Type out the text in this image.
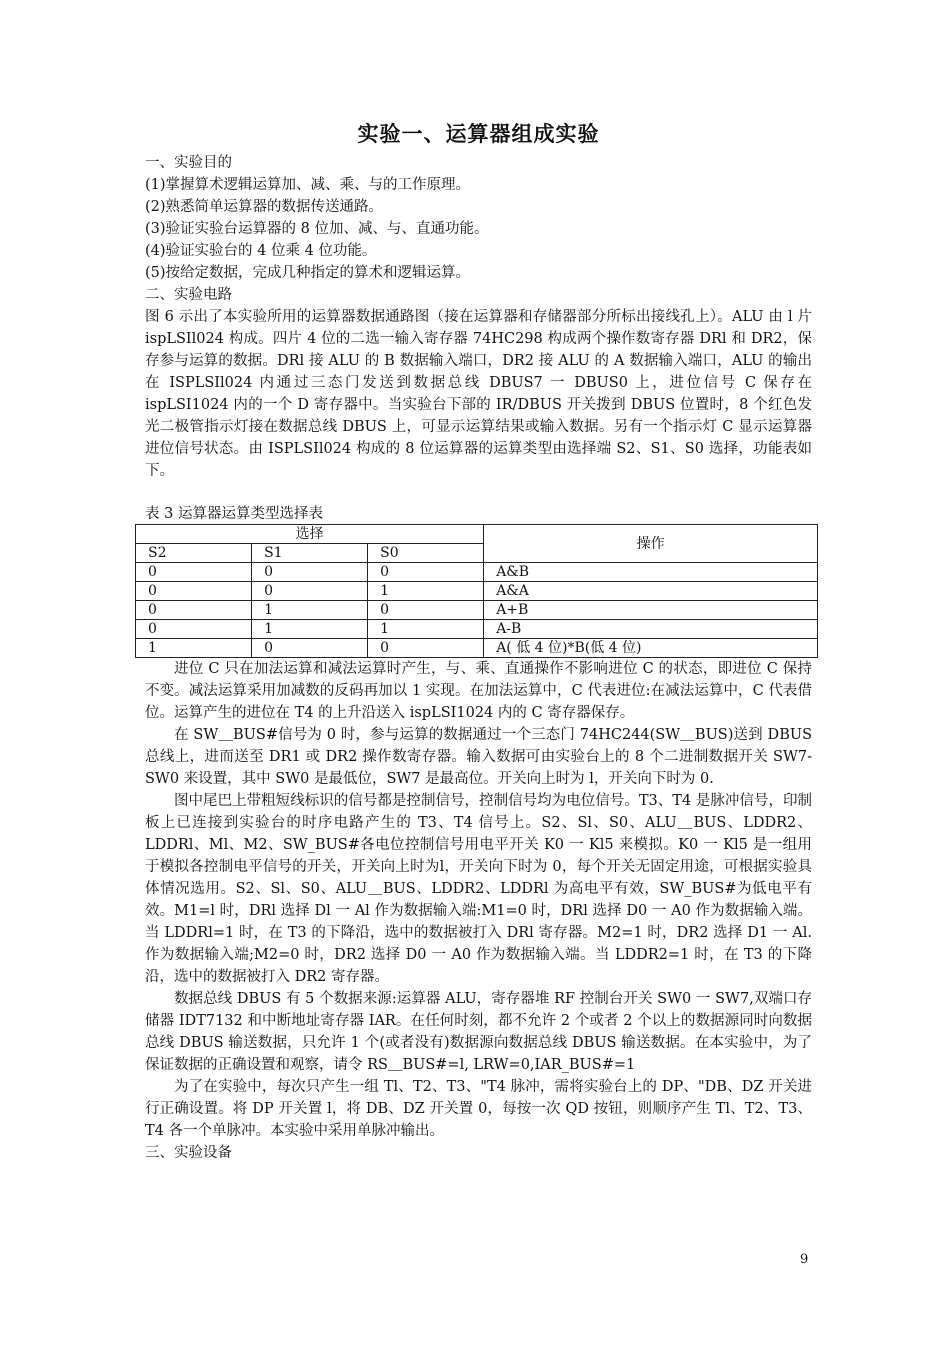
实验一、运算器组成实验
一、实验目的
(1)掌握算术逻辑运算加、减、乘、与的工作原理。
(2)熟悉简单运算器的数据传送通路。
(3)验证实验台运算器的 8 位加、减、与、直通功能。
(4)验证实验台的 4 位乘 4 位功能。
(5)按给定数据，完成几种指定的算术和逻辑运算。
二、实验电路

图 6 示出了本实验所用的运算器数据通路图（接在运算器和存储器部分所标出接线孔上）。ALU 由 l 片 ispLSIl024 构成。四片 4 位的二选一输入寄存器 74HC298 构成两个操作数寄存器 DRl 和 DR2，保存参与运算的数据。DRl 接 ALU 的 B 数据输入端口，DR2 接 ALU 的 A 数据输入端口，ALU 的输出在 ISPLSIl024 内通过三态门发送到数据总线 DBUS7 一 DBUS0 上，进位信号 C 保存在 ispLSI1024 内的一个 D 寄存器中。当实验台下部的 IR/DBUS 开关拨到 DBUS 位置时，8 个红色发光二极管指示灯接在数据总线 DBUS 上，可显示运算结果或输入数据。另有一个指示灯 C 显示运算器进位信号状态。由 ISPLSIl024 构成的 8 位运算器的运算类型由选择端 S2、S1、S0 选择，功能表如下。

表 3 运算器运算类型选择表
选择			操作
S2	S1	S0	
0	0	0	A&B
0	0	1	A&A
0	1	0	A+B
0	1	1	A-B
1	0	0	A( 低 4 位)*B(低 4 位)

进位 C 只在加法运算和减法运算时产生，与、乘、直通操作不影响进位 C 的状态，即进位 C 保持不变。减法运算采用加减数的反码再加以 1 实现。在加法运算中，C 代表进位:在减法运算中，C 代表借位。运算产生的进位在 T4 的上升沿送入 ispLSI1024 内的 C 寄存器保存。

在 SW＿BUS#信号为 0 时，参与运算的数据通过一个三态门 74HC244(SW＿BUS)送到 DBUS 总线上，进而送至 DR1 或 DR2 操作数寄存器。输入数据可由实验台上的 8 个二进制数据开关 SW7-SW0 来设置，其中 SW0 是最低位，SW7 是最高位。开关向上时为 l，开关向下时为 0.

图中尾巴上带粗短线标识的信号都是控制信号，控制信号均为电位信号。T3、T4 是脉冲信号，印制板上已连接到实验台的时序电路产生的 T3、T4 信号上。S2、Sl、S0、ALU＿BUS、LDDR2、LDDRl、Ml、M2、SW_BUS#各电位控制信号用电平开关 K0 一 Kl5 来模拟。K0 一 Kl5 是一组用于模拟各控制电平信号的开关，开关向上时为l，开关向下时为 0，每个开关无固定用途，可根据实验具体情况选用。S2、Sl、S0、ALU＿BUS、LDDR2、LDDRl 为高电平有效，SW_BUS#为低电平有效。M1=l 时，DRl 选择 Dl 一 Al 作为数据输入端:M1=0 时，DRl 选择 D0 一 A0 作为数据输入端。当 LDDRl=1 时，在 T3 的下降沿，选中的数据被打入 DRl 寄存器。M2=1 时，DR2 选择 D1 一 Al.作为数据输入端;M2=0 时，DR2 选择 D0 一 A0 作为数据输入端。当 LDDR2=1 时，在 T3 的下降沿，选中的数据被打入 DR2 寄存器。

数据总线 DBUS 有 5 个数据来源:运算器 ALU，寄存器堆 RF 控制台开关 SW0 一 SW7,双端口存储器 IDT7132 和中断地址寄存器 IAR。在任何时刻，都不允许 2 个或者 2 个以上的数据源同时向数据总线 DBUS 输送数据，只允许 1 个(或者没有)数据源向数据总线 DBUS 输送数据。在本实验中，为了保证数据的正确设置和观察，请令 RS＿BUS#=l, LRW=0,IAR_BUS#=1

为了在实验中，每次只产生一组 Tl、T2、T3、"T4 脉冲，需将实验台上的 DP、"DB、DZ 开关进行正确设置。将 DP 开关置 l，将 DB、DZ 开关置 0，每按一次 QD 按钮，则顺序产生 Tl、T2、T3、T4 各一个单脉冲。本实验中采用单脉冲输出。

三、实验设备
9
